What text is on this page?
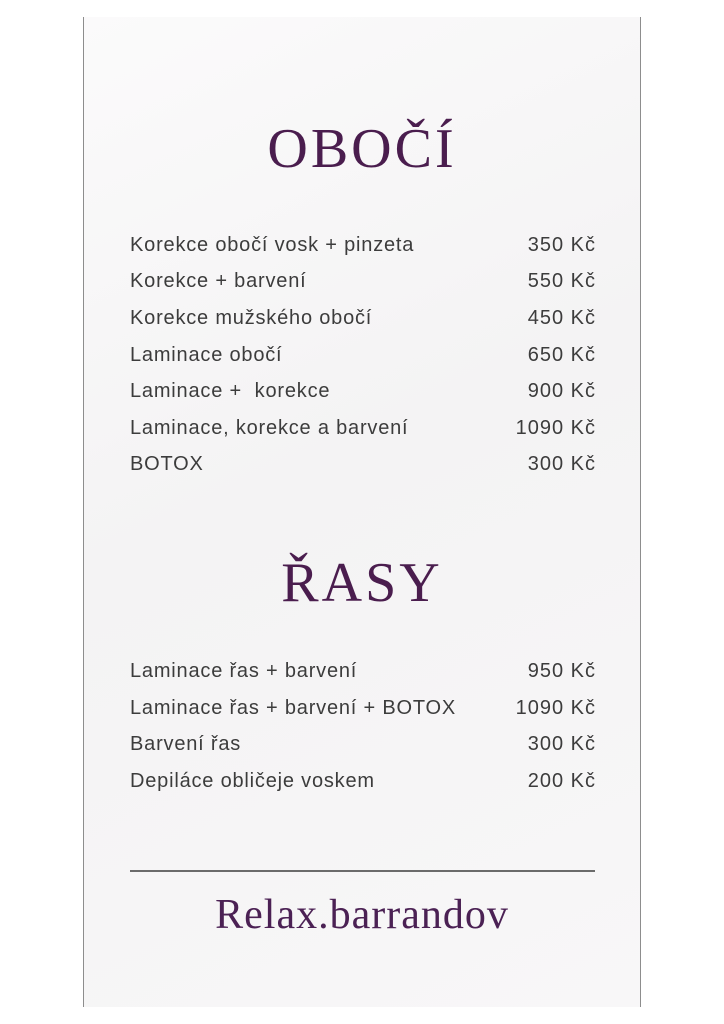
OBOČÍ
Korekce obočí vosk + pinzeta	350 Kč
Korekce + barvení	550 Kč
Korekce mužského obočí	450 Kč
Laminace obočí	650 Kč
Laminace +  korekce	900 Kč
Laminace, korekce a barvení	1090 Kč
BOTOX	300 Kč
ŘASY
Laminace řas + barvení	950 Kč
Laminace řas + barvení + BOTOX	1090 Kč
Barvení řas	300 Kč
Depiláce obličeje voskem	200 Kč
Relax.barrandov
